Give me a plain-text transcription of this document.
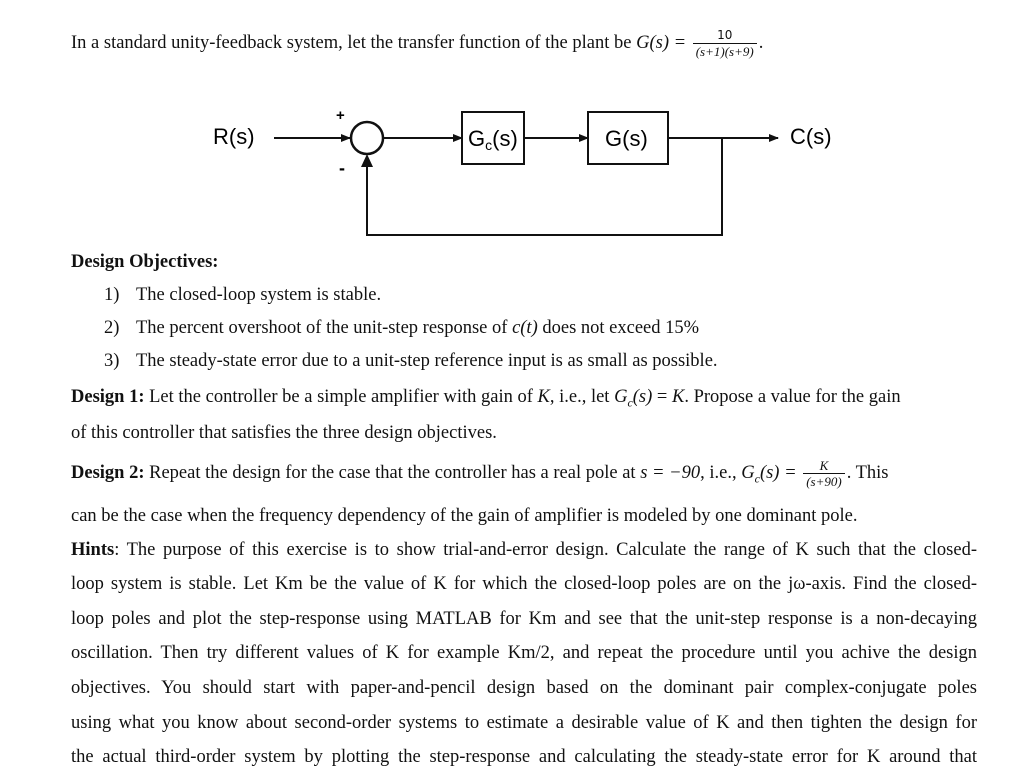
In a standard unity-feedback system, let the transfer function of the plant be $G(s) = \frac{10}{(s+1)(s+9)}$ .
R(s)
+
-
Gc(s)	G(s)	C(s)
Design Objectives:
1) The closed-loop system is stable.
2) The percent overshoot of the unit-step response of c(t) does not exceed 15%
3) The steady-state error due to a unit-step reference input is as small as possible.
Design 1: Let the controller be a simple amplifier with gain of K, i.e., let $G_c(s) = K$. Propose a value for the gain
of this controller that satisfies the three design objectives.
Design 2: Repeat the design for the case that the controller has a real pole at s = −90, i.e., $G_c(s) = \frac{K}{(s+90)}$ . This
can be the case when the frequency dependency of the gain of amplifier is modeled by one dominant pole.
Hints: The purpose of this exercise is to show trial-and-error design. Calculate the range of K such that the closed-
loop system is stable. Let Km be the value of K for which the closed-loop poles are on the jω-axis. Find the closed-
loop poles and plot the step-response using MATLAB for Km and see that the unit-step response is a non-decaying
oscillation. Then try different values of K for example Km/2, and repeat the procedure until you achive the design
objectives. You should start with paper-and-pencil design based on the dominant pair complex-conjugate poles
using what you know about second-order systems to estimate a desirable value of K and then tighten the design for
the actual third-order system by plotting the step-response and calculating the steady-state error for K around that
